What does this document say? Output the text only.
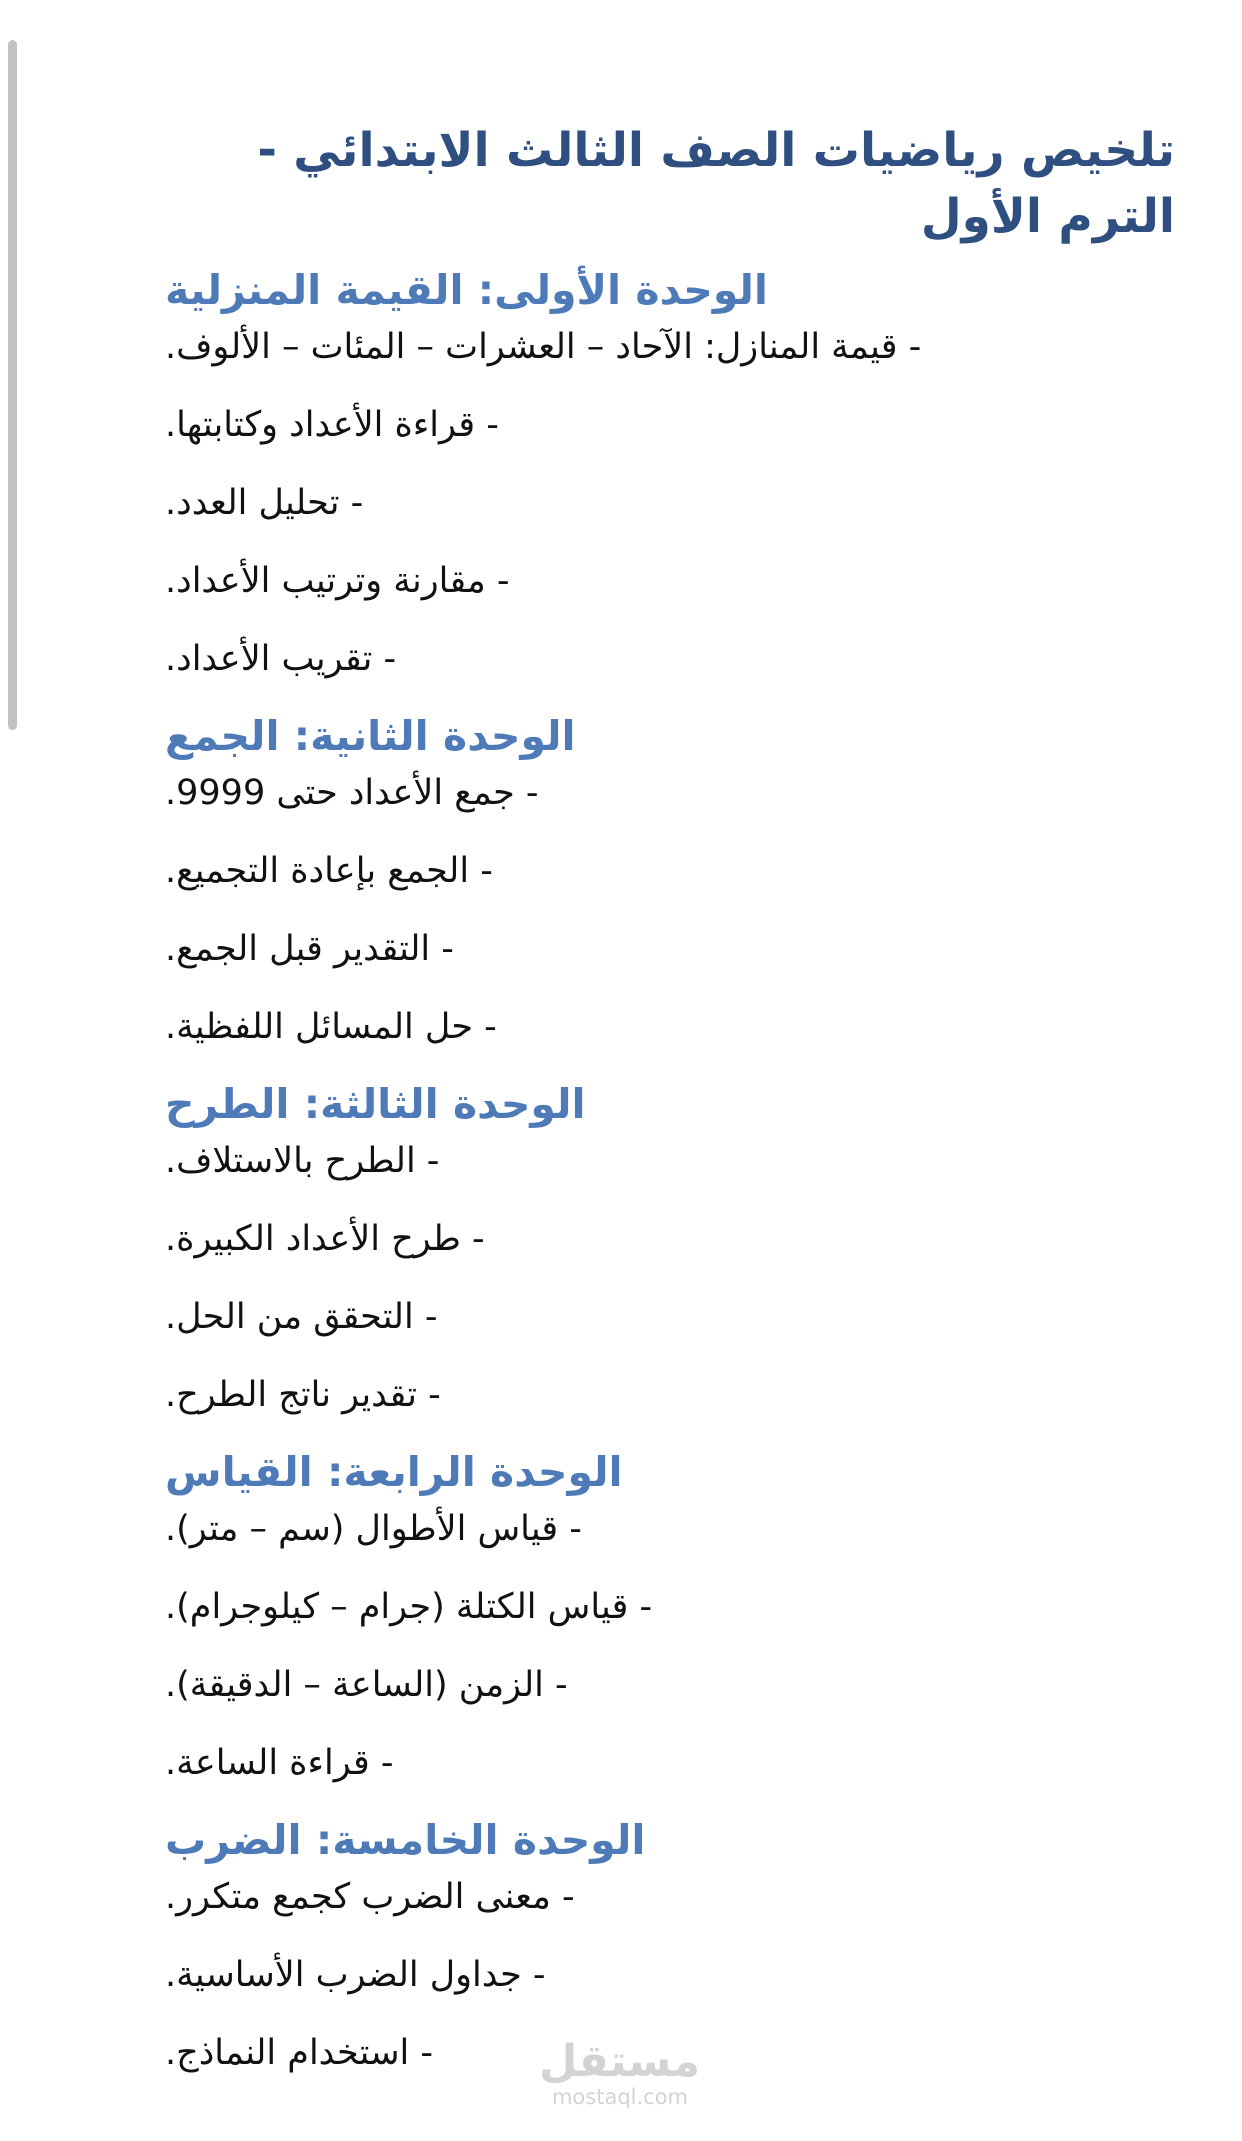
تلخيص رياضيات الصف الثالث الابتدائي - الترم الأول
الوحدة الأولى: القيمة المنزلية

- قيمة المنازل: الآحاد – العشرات – المئات – الألوف.

- قراءة الأعداد وكتابتها.

- تحليل العدد.

- مقارنة وترتيب الأعداد.

- تقريب الأعداد.

الوحدة الثانية: الجمع

- جمع الأعداد حتى 9999.

- الجمع بإعادة التجميع.

- التقدير قبل الجمع.

- حل المسائل اللفظية.

الوحدة الثالثة: الطرح

- الطرح بالاستلاف.

- طرح الأعداد الكبيرة.

- التحقق من الحل.

- تقدير ناتج الطرح.

الوحدة الرابعة: القياس

- قياس الأطوال (سم – متر).

- قياس الكتلة (جرام – كيلوجرام).

- الزمن (الساعة – الدقيقة).

- قراءة الساعة.

الوحدة الخامسة: الضرب

- معنى الضرب كجمع متكرر.

- جداول الضرب الأساسية.

- استخدام النماذج.	مستقل
mostaql.com
